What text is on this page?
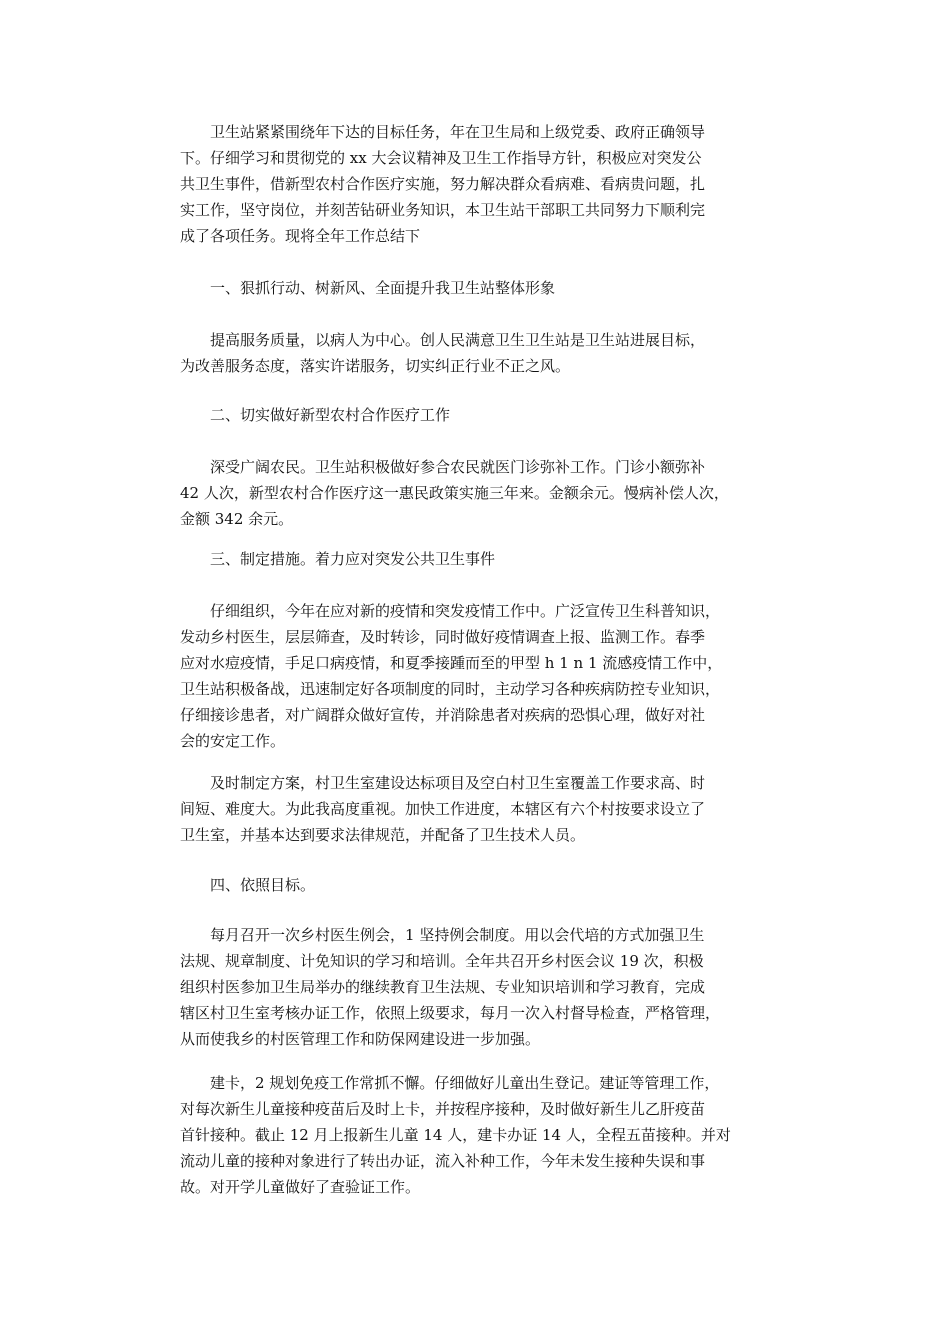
卫生站紧紧围绕年下达的目标任务，年在卫生局和上级党委、政府正确领导
下。仔细学习和贯彻党的 xx 大会议精神及卫生工作指导方针，积极应对突发公
共卫生事件，借新型农村合作医疗实施，努力解决群众看病难、看病贵问题，扎
实工作，坚守岗位，并刻苦钻研业务知识，本卫生站干部职工共同努力下顺利完
成了各项任务。现将全年工作总结下
一、狠抓行动、树新风、全面提升我卫生站整体形象
提高服务质量，以病人为中心。创人民满意卫生卫生站是卫生站进展目标，
为改善服务态度，落实许诺服务，切实纠正行业不正之风。
二、切实做好新型农村合作医疗工作
深受广阔农民。卫生站积极做好参合农民就医门诊弥补工作。门诊小额弥补
42 人次，新型农村合作医疗这一惠民政策实施三年来。金额余元。慢病补偿人次，
金额 342 余元。
三、制定措施。着力应对突发公共卫生事件
仔细组织，今年在应对新的疫情和突发疫情工作中。广泛宣传卫生科普知识，
发动乡村医生，层层筛查，及时转诊，同时做好疫情调查上报、监测工作。春季
应对水痘疫情，手足口病疫情，和夏季接踵而至的甲型 h 1 n 1 流感疫情工作中，
卫生站积极备战，迅速制定好各项制度的同时，主动学习各种疾病防控专业知识，
仔细接诊患者，对广阔群众做好宣传，并消除患者对疾病的恐惧心理，做好对社
会的安定工作。
及时制定方案，村卫生室建设达标项目及空白村卫生室覆盖工作要求高、时
间短、难度大。为此我高度重视。加快工作进度，本辖区有六个村按要求设立了
卫生室，并基本达到要求法律规范，并配备了卫生技术人员。
四、依照目标。
每月召开一次乡村医生例会，1 坚持例会制度。用以会代培的方式加强卫生
法规、规章制度、计免知识的学习和培训。全年共召开乡村医会议 19 次，积极
组织村医参加卫生局举办的继续教育卫生法规、专业知识培训和学习教育，完成
辖区村卫生室考核办证工作，依照上级要求，每月一次入村督导检查，严格管理，
从而使我乡的村医管理工作和防保网建设进一步加强。
建卡，2 规划免疫工作常抓不懈。仔细做好儿童出生登记。建证等管理工作，
对每次新生儿童接种疫苗后及时上卡，并按程序接种，及时做好新生儿乙肝疫苗
首针接种。截止 12 月上报新生儿童 14 人，建卡办证 14 人，全程五苗接种。并对
流动儿童的接种对象进行了转出办证，流入补种工作，今年未发生接种失误和事
故。对开学儿童做好了查验证工作。
